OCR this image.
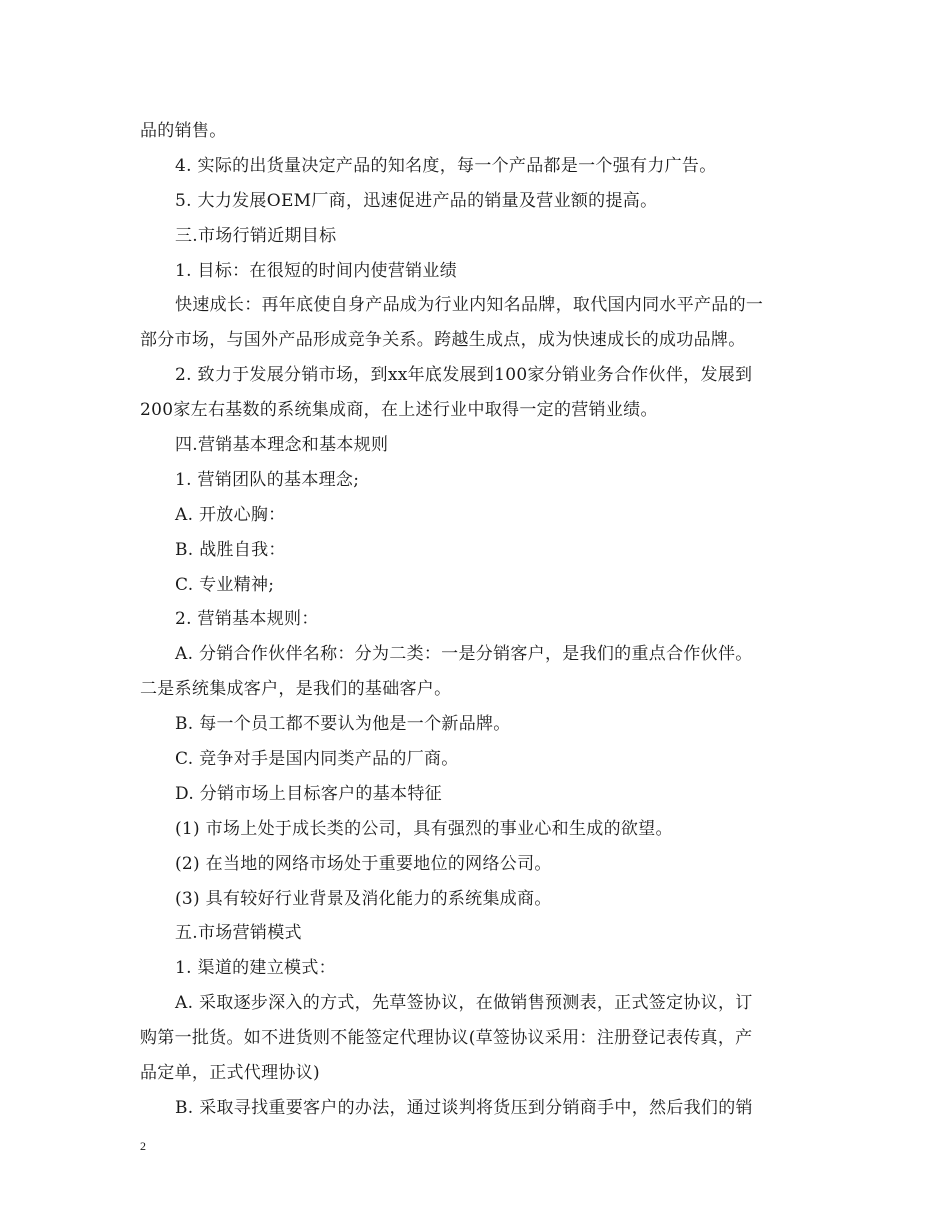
品的销售。
4. 实际的出货量决定产品的知名度，每一个产品都是一个强有力广告。
5. 大力发展OEM厂商，迅速促进产品的销量及营业额的提高。
三.市场行销近期目标
1. 目标：在很短的时间内使营销业绩
快速成长：再年底使自身产品成为行业内知名品牌，取代国内同水平产品的一
部分市场，与国外产品形成竞争关系。跨越生成点，成为快速成长的成功品牌。
2. 致力于发展分销市场，到xx年底发展到100家分销业务合作伙伴，发展到
200家左右基数的系统集成商，在上述行业中取得一定的营销业绩。
四.营销基本理念和基本规则
1. 营销团队的基本理念;
A. 开放心胸：
B. 战胜自我：
C. 专业精神;
2. 营销基本规则：
A. 分销合作伙伴名称：分为二类：一是分销客户，是我们的重点合作伙伴。
二是系统集成客户，是我们的基础客户。
B. 每一个员工都不要认为他是一个新品牌。
C. 竞争对手是国内同类产品的厂商。
D. 分销市场上目标客户的基本特征
(1) 市场上处于成长类的公司，具有强烈的事业心和生成的欲望。
(2) 在当地的网络市场处于重要地位的网络公司。
(3) 具有较好行业背景及消化能力的系统集成商。
五.市场营销模式
1. 渠道的建立模式：
A. 采取逐步深入的方式，先草签协议，在做销售预测表，正式签定协议，订
购第一批货。如不进货则不能签定代理协议(草签协议采用：注册登记表传真，产
品定单，正式代理协议)
B. 采取寻找重要客户的办法，通过谈判将货压到分销商手中，然后我们的销
2
